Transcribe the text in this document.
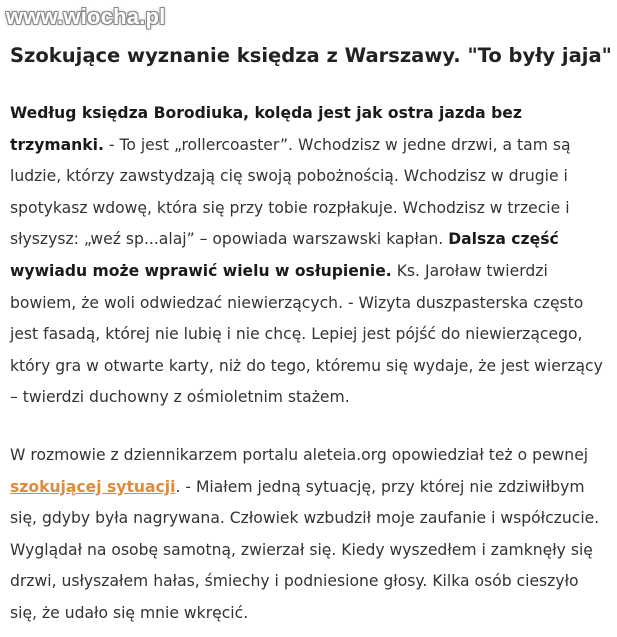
www.wiocha.pl
Szokujące wyznanie księdza z Warszawy. "To były jaja"

Według księdza Borodiuka, kolęda jest jak ostra jazda bez trzymanki. - To jest „rollercoaster”. Wchodzisz w jedne drzwi, a tam są ludzie, którzy zawstydzają cię swoją pobożnością. Wchodzisz w drugie i spotykasz wdowę, która się przy tobie rozpłakuje. Wchodzisz w trzecie i słyszysz: „weź sp...alaj” – opowiada warszawski kapłan. Dalsza część wywiadu może wprawić wielu w osłupienie. Ks. Jaroław twierdzi bowiem, że woli odwiedzać niewierzących. - Wizyta duszpasterska często jest fasadą, której nie lubię i nie chcę. Lepiej jest pójść do niewierzącego, który gra w otwarte karty, niż do tego, któremu się wydaje, że jest wierzący – twierdzi duchowny z ośmioletnim stażem.

W rozmowie z dziennikarzem portalu aleteia.org opowiedział też o pewnej szokującej sytuacji. - Miałem jedną sytuację, przy której nie zdziwiłbym się, gdyby była nagrywana. Człowiek wzbudził moje zaufanie i współczucie. Wyglądał na osobę samotną, zwierzał się. Kiedy wyszedłem i zamknęły się drzwi, usłyszałem hałas, śmiechy i podniesione głosy. Kilka osób cieszyło się, że udało się mnie wkręcić.
